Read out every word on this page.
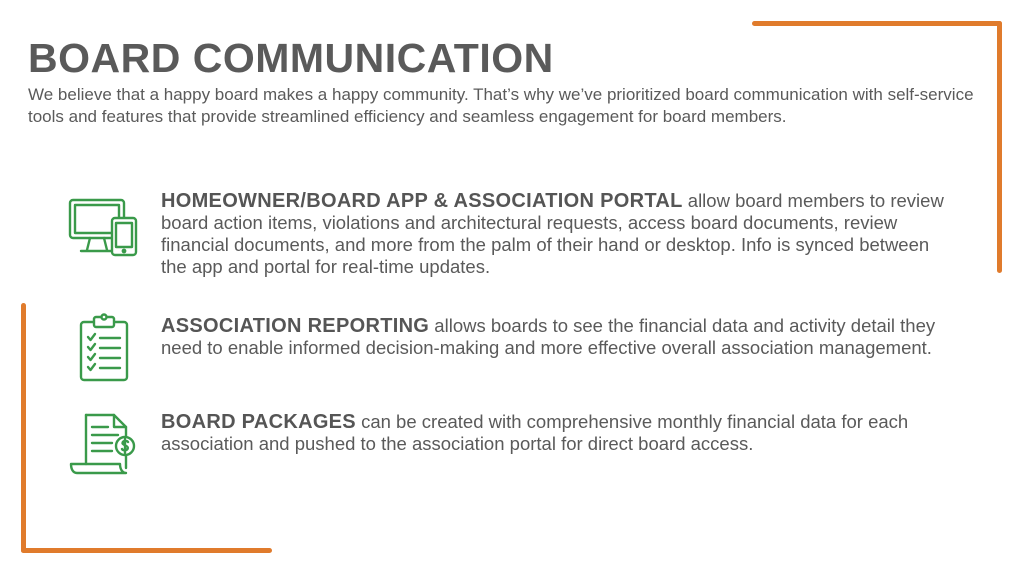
BOARD COMMUNICATION

We believe that a happy board makes a happy community. That’s why we’ve prioritized board communication with self-service tools and features that provide streamlined efficiency and seamless engagement for board members.

HOMEOWNER/BOARD APP & ASSOCIATION PORTAL allow board members to review board action items, violations and architectural requests, access board documents, review financial documents, and more from the palm of their hand or desktop. Info is synced between the app and portal for real-time updates.

ASSOCIATION REPORTING allows boards to see the financial data and activity detail they need to enable informed decision-making and more effective overall association management.

BOARD PACKAGES can be created with comprehensive monthly financial data for each association and pushed to the association portal for direct board access.
